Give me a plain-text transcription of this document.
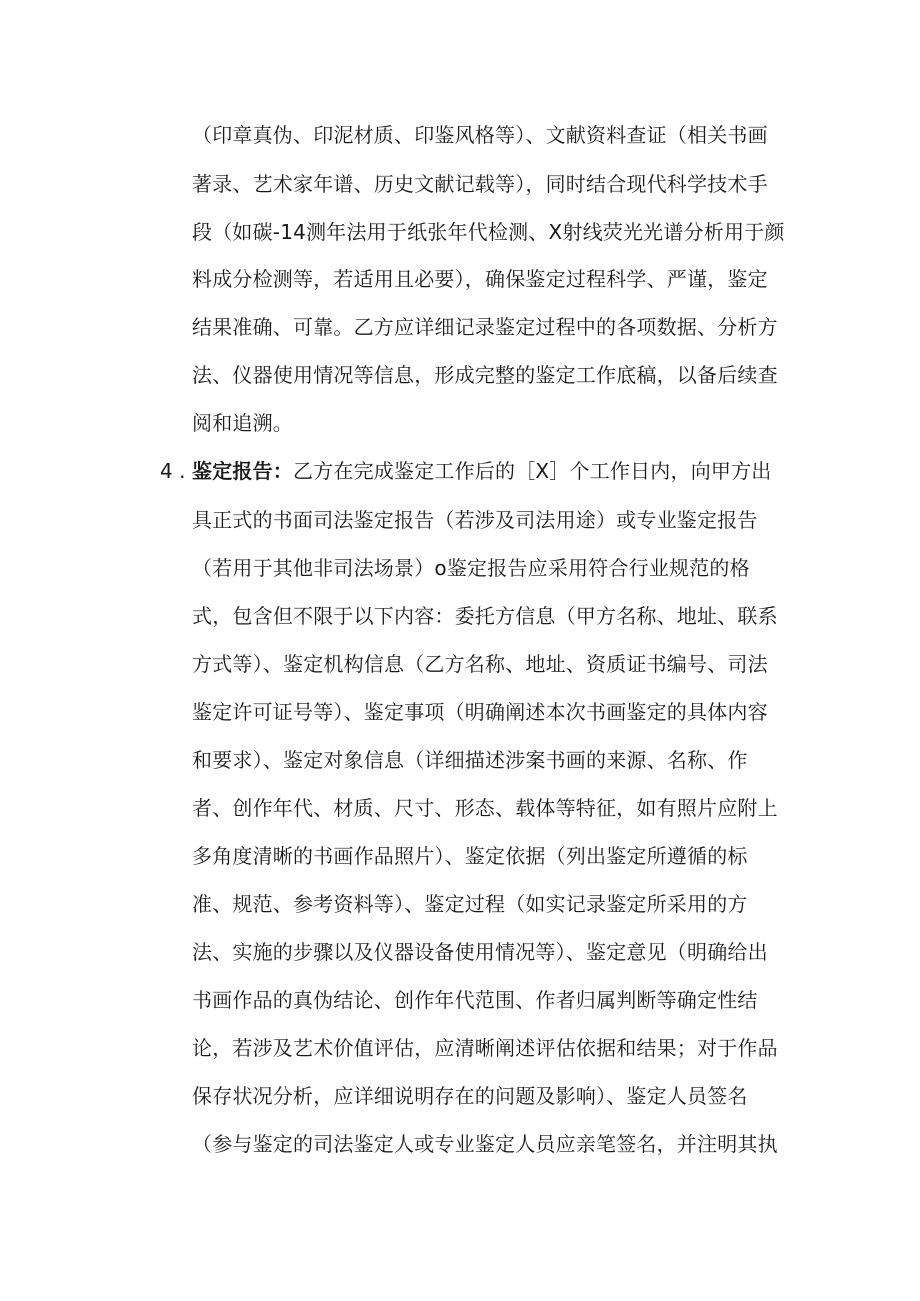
（印章真伪、印泥材质、印鉴风格等）、文献资料查证（相关书画
著录、艺术家年谱、历史文献记载等），同时结合现代科学技术手
段（如碳-14测年法用于纸张年代检测、X射线荧光光谱分析用于颜
料成分检测等，若适用且必要），确保鉴定过程科学、严谨，鉴定
结果准确、可靠。乙方应详细记录鉴定过程中的各项数据、分析方
法、仪器使用情况等信息，形成完整的鉴定工作底稿，以备后续查
阅和追溯。
4 . 鉴定报告：乙方在完成鉴定工作后的［X］个工作日内，向甲方出
具正式的书面司法鉴定报告（若涉及司法用途）或专业鉴定报告
（若用于其他非司法场景）o鉴定报告应采用符合行业规范的格
式，包含但不限于以下内容：委托方信息（甲方名称、地址、联系
方式等）、鉴定机构信息（乙方名称、地址、资质证书编号、司法
鉴定许可证号等）、鉴定事项（明确阐述本次书画鉴定的具体内容
和要求）、鉴定对象信息（详细描述涉案书画的来源、名称、作
者、创作年代、材质、尺寸、形态、载体等特征，如有照片应附上
多角度清晰的书画作品照片）、鉴定依据（列出鉴定所遵循的标
准、规范、参考资料等）、鉴定过程（如实记录鉴定所采用的方
法、实施的步骤以及仪器设备使用情况等）、鉴定意见（明确给出
书画作品的真伪结论、创作年代范围、作者归属判断等确定性结
论，若涉及艺术价值评估，应清晰阐述评估依据和结果；对于作品
保存状况分析，应详细说明存在的问题及影响）、鉴定人员签名
（参与鉴定的司法鉴定人或专业鉴定人员应亲笔签名，并注明其执
